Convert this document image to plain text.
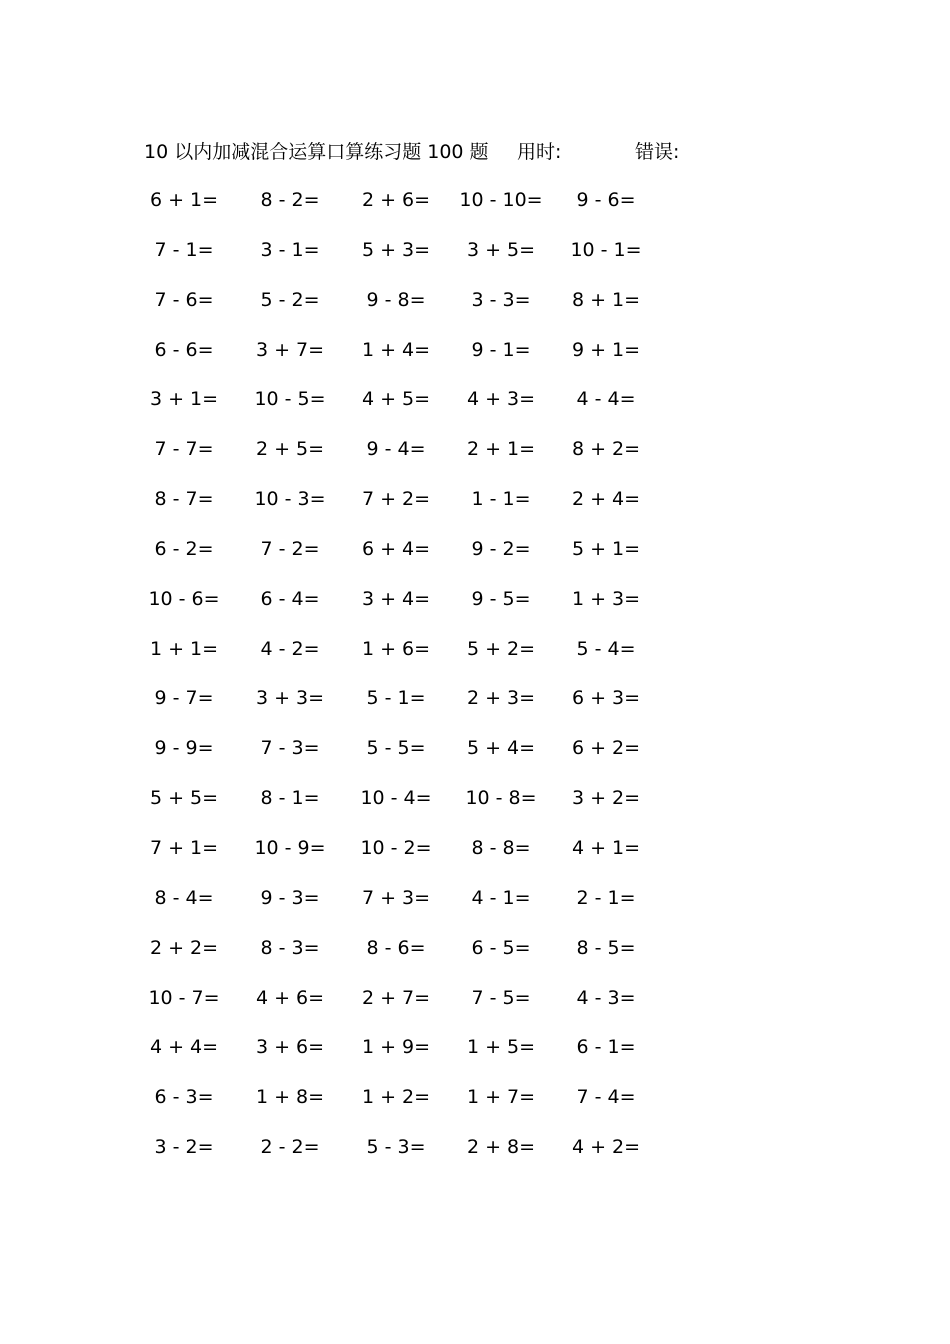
10 以内加减混合运算口算练习题 100 题 用时:	错误:
6 + 1= 8 - 2= 2 + 6= 10 - 10= 9 - 6=
7 - 1= 3 - 1= 5 + 3= 3 + 5= 10 - 1=
7 - 6= 5 - 2= 9 - 8= 3 - 3= 8 + 1=
6 - 6= 3 + 7= 1 + 4= 9 - 1= 9 + 1=
3 + 1= 10 - 5= 4 + 5= 4 + 3= 4 - 4=
7 - 7= 2 + 5= 9 - 4= 2 + 1= 8 + 2=
8 - 7= 10 - 3= 7 + 2= 1 - 1= 2 + 4=
6 - 2= 7 - 2= 6 + 4= 9 - 2= 5 + 1=
10 - 6= 6 - 4= 3 + 4= 9 - 5= 1 + 3=
1 + 1= 4 - 2= 1 + 6= 5 + 2= 5 - 4=
9 - 7= 3 + 3= 5 - 1= 2 + 3= 6 + 3=
9 - 9= 7 - 3= 5 - 5= 5 + 4= 6 + 2=
5 + 5= 8 - 1= 10 - 4= 10 - 8= 3 + 2=
7 + 1= 10 - 9= 10 - 2= 8 - 8= 4 + 1=
8 - 4= 9 - 3= 7 + 3= 4 - 1= 2 - 1=
2 + 2= 8 - 3= 8 - 6= 6 - 5= 8 - 5=
10 - 7= 4 + 6= 2 + 7= 7 - 5= 4 - 3=
4 + 4= 3 + 6= 1 + 9= 1 + 5= 6 - 1=
6 - 3= 1 + 8= 1 + 2= 1 + 7= 7 - 4=
3 - 2= 2 - 2= 5 - 3= 2 + 8= 4 + 2=
